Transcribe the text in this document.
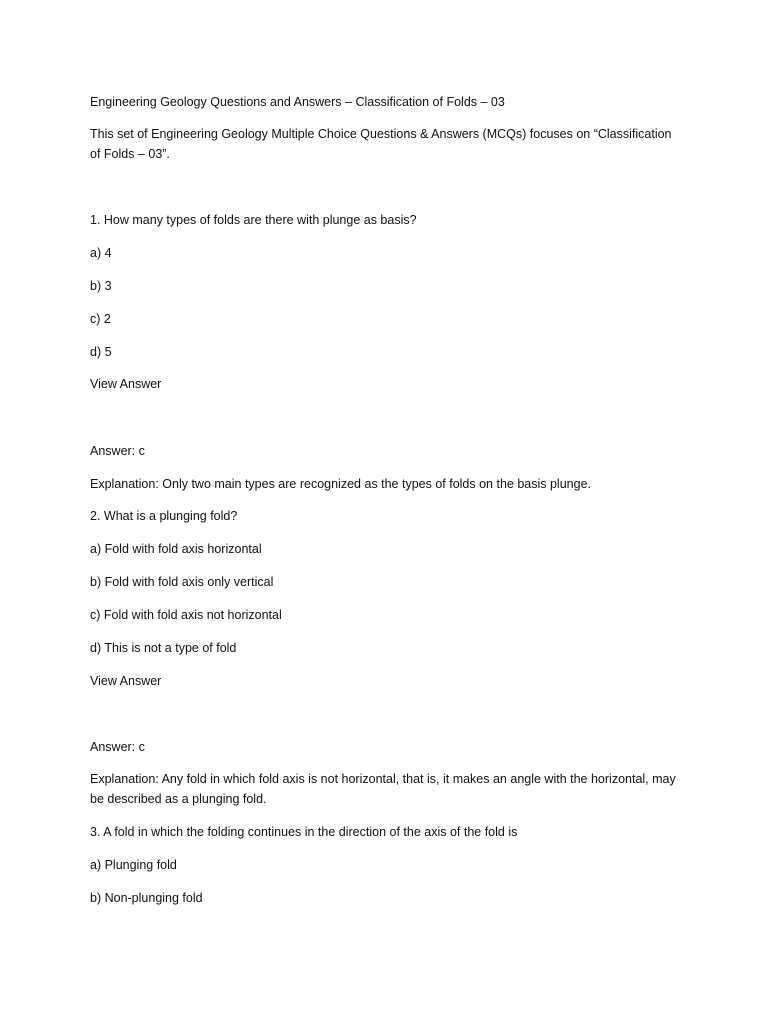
Engineering Geology Questions and Answers – Classification of Folds – 03
This set of Engineering Geology Multiple Choice Questions & Answers (MCQs) focuses on “Classification of Folds – 03”.
1. How many types of folds are there with plunge as basis?
a) 4
b) 3
c) 2
d) 5
View Answer
Answer: c
Explanation: Only two main types are recognized as the types of folds on the basis plunge.
2. What is a plunging fold?
a) Fold with fold axis horizontal
b) Fold with fold axis only vertical
c) Fold with fold axis not horizontal
d) This is not a type of fold
View Answer
Answer: c
Explanation: Any fold in which fold axis is not horizontal, that is, it makes an angle with the horizontal, may be described as a plunging fold.
3. A fold in which the folding continues in the direction of the axis of the fold is
a) Plunging fold
b) Non-plunging fold
